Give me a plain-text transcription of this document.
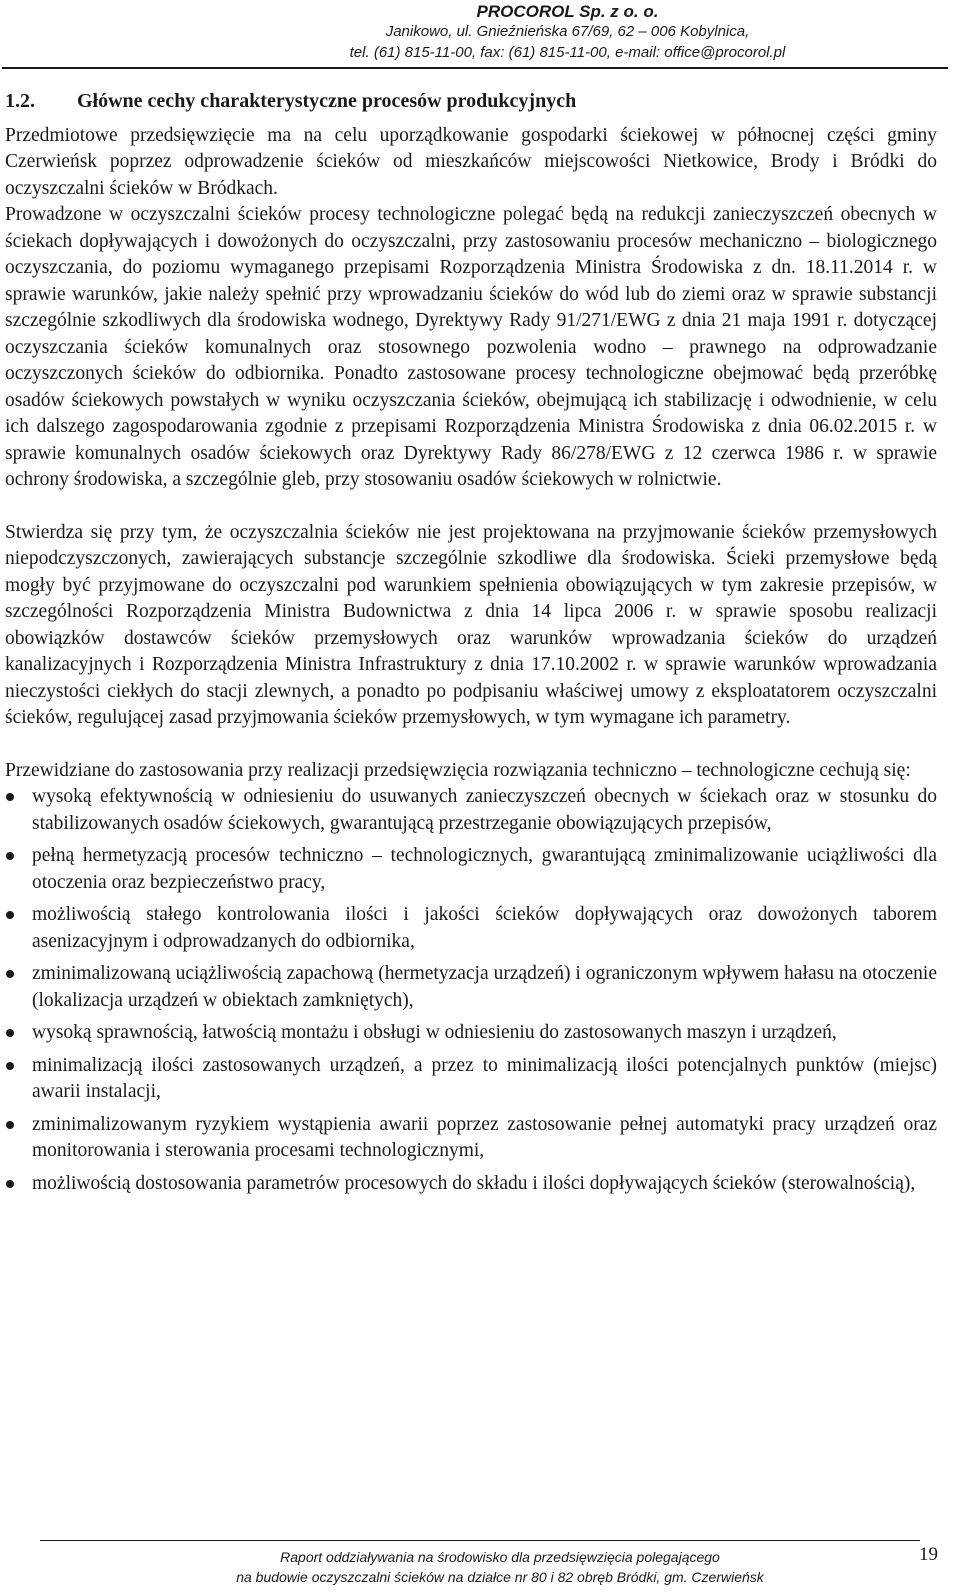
PROCOROL Sp. z o. o.
Janikowo, ul. Gnieźnieńska 67/69, 62 – 006 Kobylnica,
tel. (61) 815-11-00, fax: (61) 815-11-00, e-mail: office@procorol.pl
1.2.	Główne cechy charakterystyczne procesów produkcyjnych

Przedmiotowe przedsięwzięcie ma na celu uporządkowanie gospodarki ściekowej w północnej części gminy Czerwieńsk poprzez odprowadzenie ścieków od mieszkańców miejscowości Nietkowice, Brody i Bródki do oczyszczalni ścieków w Bródkach.

Prowadzone w oczyszczalni ścieków procesy technologiczne polegać będą na redukcji zanieczyszczeń obecnych w ściekach dopływających i dowożonych do oczyszczalni, przy zastosowaniu procesów mechaniczno – biologicznego oczyszczania, do poziomu wymaganego przepisami Rozporządzenia Ministra Środowiska z dn. 18.11.2014 r. w sprawie warunków, jakie należy spełnić przy wprowadzaniu ścieków do wód lub do ziemi oraz w sprawie substancji szczególnie szkodliwych dla środowiska wodnego, Dyrektywy Rady 91/271/EWG z dnia 21 maja 1991 r. dotyczącej oczyszczania ścieków komunalnych oraz stosownego pozwolenia wodno – prawnego na odprowadzanie oczyszczonych ścieków do odbiornika. Ponadto zastosowane procesy technologiczne obejmować będą przeróbkę osadów ściekowych powstałych w wyniku oczyszczania ścieków, obejmującą ich stabilizację i odwodnienie, w celu ich dalszego zagospodarowania zgodnie z przepisami Rozporządzenia Ministra Środowiska z dnia 06.02.2015 r. w sprawie komunalnych osadów ściekowych oraz Dyrektywy Rady 86/278/EWG z 12 czerwca 1986 r. w sprawie ochrony środowiska, a szczególnie gleb, przy stosowaniu osadów ściekowych w rolnictwie.

Stwierdza się przy tym, że oczyszczalnia ścieków nie jest projektowana na przyjmowanie ścieków przemysłowych niepodczyszczonych, zawierających substancje szczególnie szkodliwe dla środowiska. Ścieki przemysłowe będą mogły być przyjmowane do oczyszczalni pod warunkiem spełnienia obowiązujących w tym zakresie przepisów, w szczególności Rozporządzenia Ministra Budownictwa z dnia 14 lipca 2006 r. w sprawie sposobu realizacji obowiązków dostawców ścieków przemysłowych oraz warunków wprowadzania ścieków do urządzeń kanalizacyjnych i Rozporządzenia Ministra Infrastruktury z dnia 17.10.2002 r. w sprawie warunków wprowadzania nieczystości ciekłych do stacji zlewnych, a ponadto po podpisaniu właściwej umowy z eksploatatorem oczyszczalni ścieków, regulującej zasad przyjmowania ścieków przemysłowych, w tym wymagane ich parametry.

Przewidziane do zastosowania przy realizacji przedsięwzięcia rozwiązania techniczno – technologiczne cechują się:

wysoką efektywnością w odniesieniu do usuwanych zanieczyszczeń obecnych w ściekach oraz w stosunku do stabilizowanych osadów ściekowych, gwarantującą przestrzeganie obowiązujących przepisów,
pełną hermetyzacją procesów techniczno – technologicznych, gwarantującą zminimalizowanie uciążliwości dla otoczenia oraz bezpieczeństwo pracy,
możliwością stałego kontrolowania ilości i jakości ścieków dopływających oraz dowożonych taborem asenizacyjnym i odprowadzanych do odbiornika,
zminimalizowaną uciążliwością zapachową (hermetyzacja urządzeń) i ograniczonym wpływem hałasu na otoczenie (lokalizacja urządzeń w obiektach zamkniętych),
wysoką sprawnością, łatwością montażu i obsługi w odniesieniu do zastosowanych maszyn i urządzeń,
minimalizacją ilości zastosowanych urządzeń, a przez to minimalizacją ilości potencjalnych punktów (miejsc) awarii instalacji,
zminimalizowanym ryzykiem wystąpienia awarii poprzez zastosowanie pełnej automatyki pracy urządzeń oraz monitorowania i sterowania procesami technologicznymi,
możliwością dostosowania parametrów procesowych do składu i ilości dopływających ścieków (sterowalnością),
Raport oddziaływania na środowisko dla przedsięwzięcia polegającego
na budowie oczyszczalni ścieków na działce nr 80 i 82 obręb Bródki, gm. Czerwieńsk
19
